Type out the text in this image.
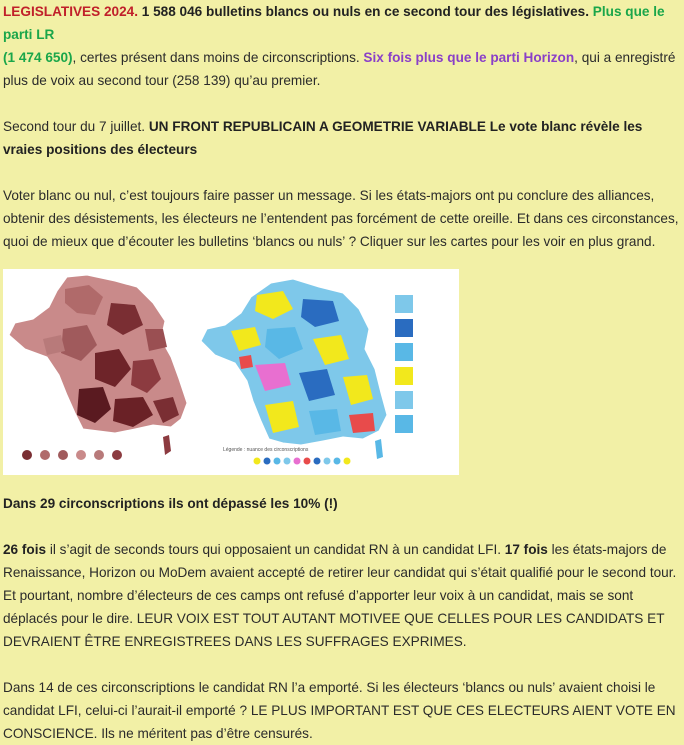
LEGISLATIVES 2024. 1 588 046 bulletins blancs ou nuls en ce second tour des législatives. Plus que le parti LR
(1 474 650), certes présent dans moins de circonscriptions. Six fois plus que le parti Horizon, qui a enregistré plus de voix au second tour (258 139) qu’au premier.

Second tour du 7 juillet. UN FRONT REPUBLICAIN A GEOMETRIE VARIABLE Le vote blanc révèle les vraies positions des électeurs

Voter blanc ou nul, c’est toujours faire passer un message. Si les états-majors ont pu conclure des alliances, obtenir des désistements, les électeurs ne l’entendent pas forcément de cette oreille. Et dans ces circonstances, quoi de mieux que d’écouter les bulletins ‘blancs ou nuls’ ? Cliquer sur les cartes pour les voir en plus grand.

Légende : nuance des circonscriptions

Dans 29 circonscriptions ils ont dépassé les 10% (!)

26 fois il s’agit de seconds tours qui opposaient un candidat RN à un candidat LFI. 17 fois les états-majors de Renaissance, Horizon ou MoDem avaient accepté de retirer leur candidat qui s’était qualifié pour le second tour. Et pourtant, nombre d’électeurs de ces camps ont refusé d’apporter leur voix à un candidat, mais se sont déplacés pour le dire. LEUR VOIX EST TOUT AUTANT MOTIVEE QUE CELLES POUR LES CANDIDATS ET DEVRAIENT ÊTRE ENREGISTREES DANS LES SUFFRAGES EXPRIMES.

Dans 14 de ces circonscriptions le candidat RN l’a emporté. Si les électeurs ‘blancs ou nuls’ avaient choisi le candidat LFI, celui-ci l’aurait-il emporté ? LE PLUS IMPORTANT EST QUE CES ELECTEURS AIENT VOTE EN CONSCIENCE. Ils ne méritent pas d’être censurés.
